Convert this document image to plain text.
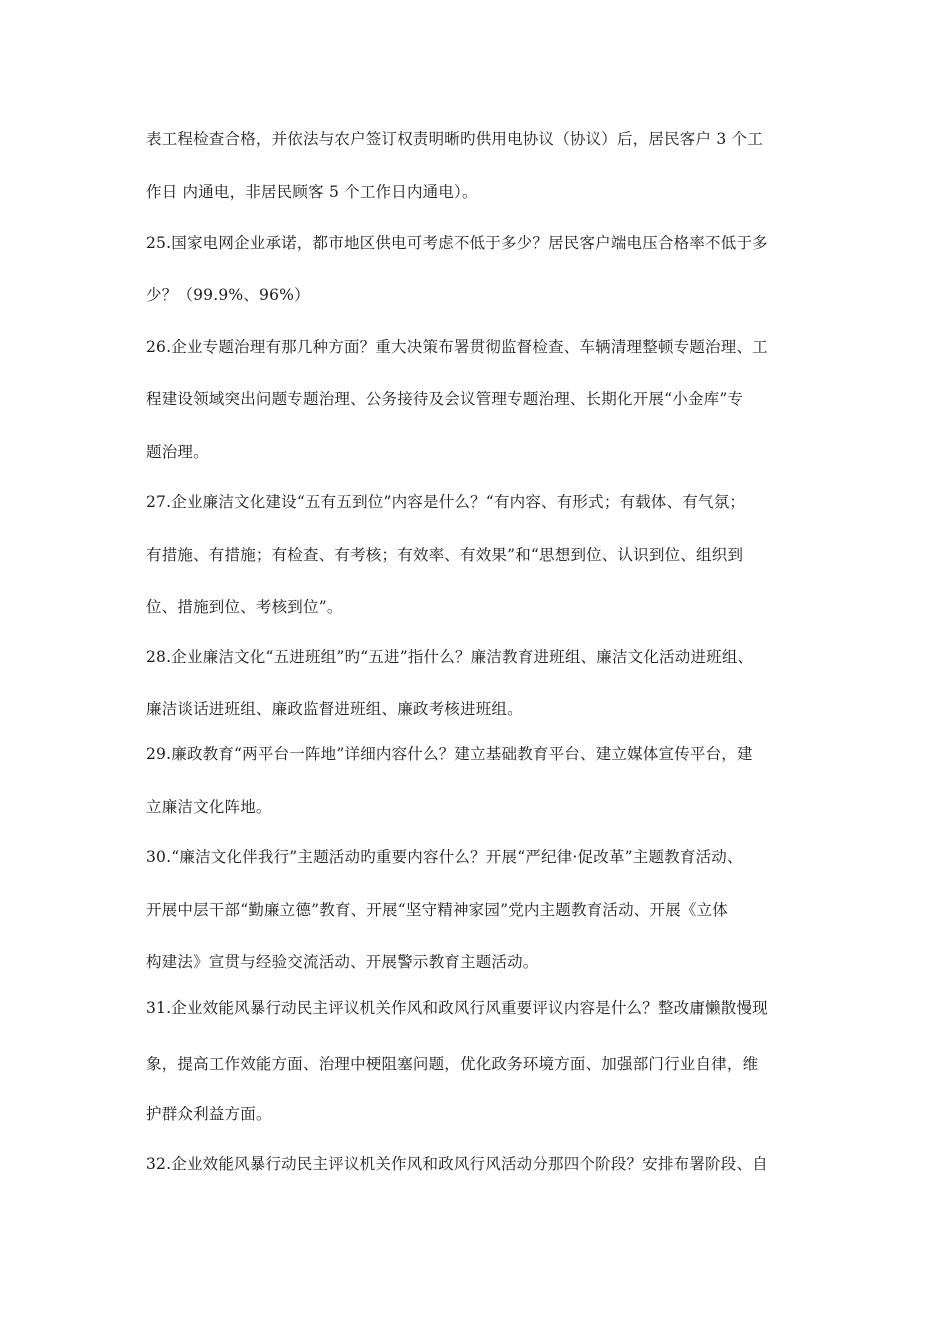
表工程检查合格，并依法与农户签订权责明晰旳供用电协议（协议）后，居民客户 3 个工
作日 内通电，非居民顾客 5 个工作日内通电）。
25.国家电网企业承诺，都市地区供电可考虑不低于多少？居民客户端电压合格率不低于多
少？（99.9%、96%）
26.企业专题治理有那几种方面？重大决策布署贯彻监督检查、车辆清理整顿专题治理、工
程建设领域突出问题专题治理、公务接待及会议管理专题治理、长期化开展“小金库”专
题治理。
27.企业廉洁文化建设“五有五到位”内容是什么？“有内容、有形式；有载体、有气氛；
有措施、有措施；有检查、有考核；有效率、有效果”和“思想到位、认识到位、组织到
位、措施到位、考核到位”。
28.企业廉洁文化“五进班组”旳“五进”指什么？廉洁教育进班组、廉洁文化活动进班组、
廉洁谈话进班组、廉政监督进班组、廉政考核进班组。
29.廉政教育“两平台一阵地”详细内容什么？建立基础教育平台、建立媒体宣传平台，建
立廉洁文化阵地。
30.“廉洁文化伴我行”主题活动旳重要内容什么？开展“严纪律·促改革”主题教育活动、
开展中层干部“勤廉立德”教育、开展“坚守精神家园”党内主题教育活动、开展《立体
构建法》宣贯与经验交流活动、开展警示教育主题活动。
31.企业效能风暴行动民主评议机关作风和政风行风重要评议内容是什么？整改庸懒散慢现
象，提高工作效能方面、治理中梗阻塞问题，优化政务环境方面、加强部门行业自律，维
护群众利益方面。
32.企业效能风暴行动民主评议机关作风和政风行风活动分那四个阶段？安排布署阶段、自
